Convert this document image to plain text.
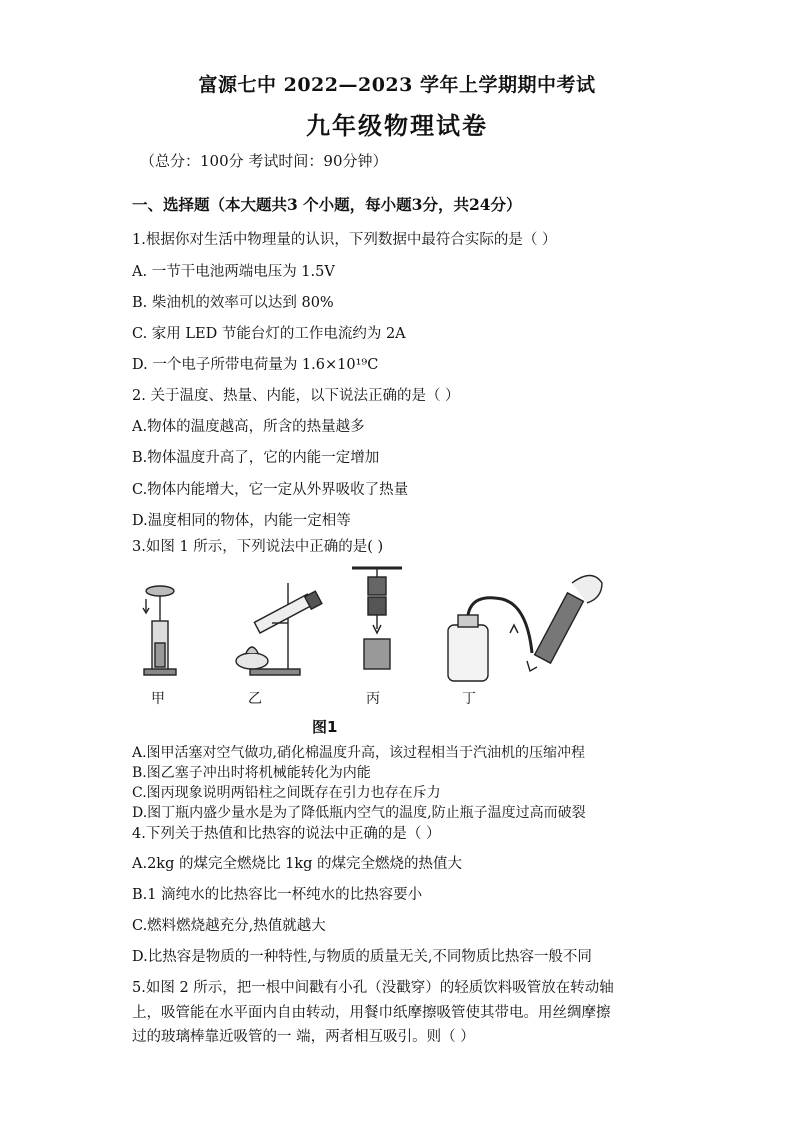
富源七中 2022—2023 学年上学期期中考试
九年级物理试卷
（总分：100分 考试时间：90分钟）
一、选择题（本大题共3 个小题，每小题3分，共24分）
1.根据你对生活中物理量的认识，下列数据中最符合实际的是（ ）
A. 一节干电池两端电压为 1.5V
B. 柴油机的效率可以达到 80%
C. 家用 LED 节能台灯的工作电流约为 2A
D. 一个电子所带电荷量为 1.6×10¹⁹C
2. 关于温度、热量、内能，以下说法正确的是（ ）
A.物体的温度越高，所含的热量越多
B.物体温度升高了，它的内能一定增加
C.物体内能增大，它一定从外界吸收了热量
D.温度相同的物体，内能一定相等
3.如图 1 所示，下列说法中正确的是( )
甲	乙	丙	丁
图1
A.图甲活塞对空气做功,硝化棉温度升高，该过程相当于汽油机的压缩冲程
B.图乙塞子冲出时将机械能转化为内能
C.图丙现象说明两铅柱之间既存在引力也存在斥力
D.图丁瓶内盛少量水是为了降低瓶内空气的温度,防止瓶子温度过高而破裂
4.下列关于热值和比热容的说法中正确的是（ ）
A.2kg 的煤完全燃烧比 1kg 的煤完全燃烧的热值大
B.1 滴纯水的比热容比一杯纯水的比热容要小
C.燃料燃烧越充分,热值就越大
D.比热容是物质的一种特性,与物质的质量无关,不同物质比热容一般不同
5.如图 2 所示，把一根中间戳有小孔（没戳穿）的轻质饮料吸管放在转动轴
上，吸管能在水平面内自由转动，用餐巾纸摩擦吸管使其带电。用丝绸摩擦
过的玻璃棒靠近吸管的一 端，两者相互吸引。则（ ）
